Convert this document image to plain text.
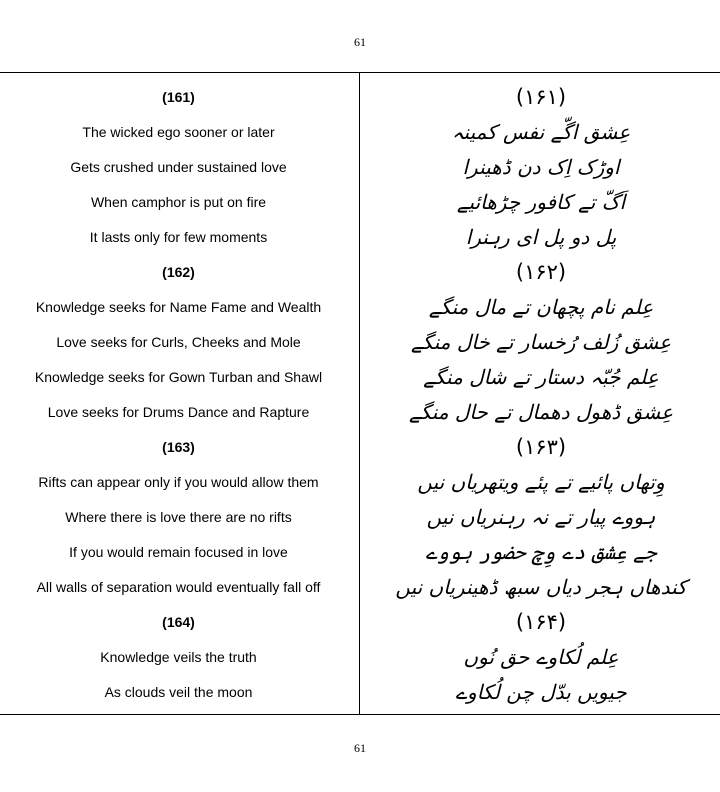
61
(161)
The wicked ego sooner or later
Gets crushed under sustained love
When camphor is put on fire
It lasts only for few moments
(162)
Knowledge seeks for Name Fame and Wealth
Love seeks for Curls, Cheeks and Mole
Knowledge seeks for Gown Turban and Shawl
Love seeks for Drums Dance and Rapture
(163)
Rifts can appear only if you would allow them
Where there is love there are no rifts
If you would remain focused in love
All walls of separation would eventually fall off
(164)
Knowledge veils the truth
As clouds veil the moon
(۱۶۱)
عِشق اگّے نفس کمینہ
اوڑک اِک دن ڈھینرا
اَگّ تے کافور چڑھائیے
پل دو پل ای رہنرا
(۱۶۲)
عِلم نام پچھان تے مال منگے
عِشق زُلف رُخسار تے خال منگے
عِلم جُبّہ دستار تے شال منگے
عِشق ڈھول دھمال تے حال منگے
(۱۶۳)
وِتھاں پائیے تے پئے ویتھریاں نیں
ہووے پیار تے نہ رہنریاں نیں
جے عِشق دے وِچ حضور ہووے
کندھاں ہجر دیاں سبھ ڈھینریاں نیں
(۱۶۴)
عِلم لُکاوے حق نُوں
جیویں بدّل چن لُکاوے
61
